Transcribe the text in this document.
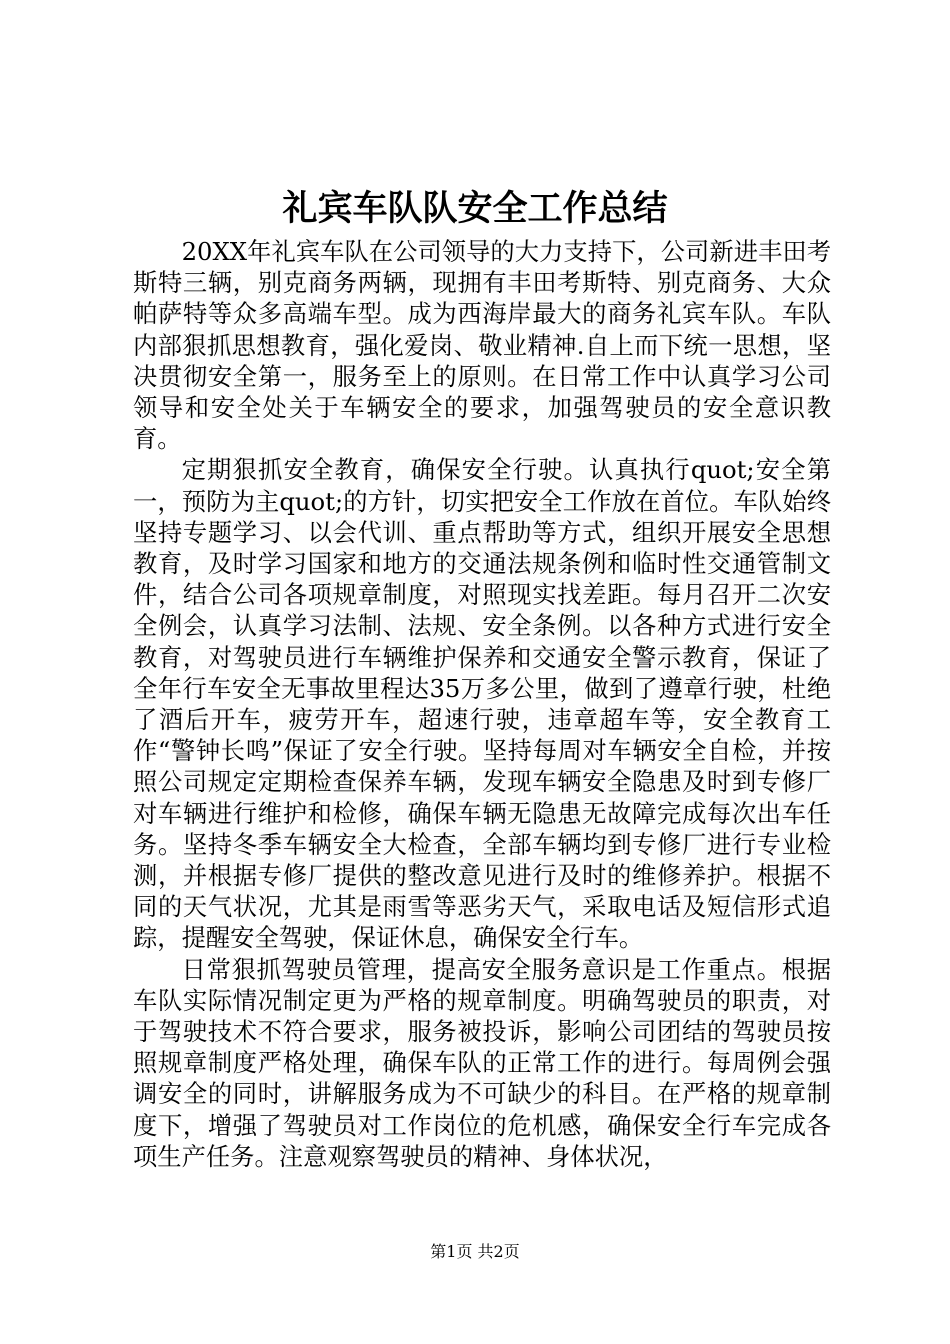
礼宾车队队安全工作总结

20XX年礼宾车队在公司领导的大力支持下，公司新进丰田考斯特三辆，别克商务两辆，现拥有丰田考斯特、别克商务、大众帕萨特等众多高端车型。成为西海岸最大的商务礼宾车队。车队内部狠抓思想教育，强化爱岗、敬业精神.自上而下统一思想，坚决贯彻安全第一，服务至上的原则。在日常工作中认真学习公司领导和安全处关于车辆安全的要求，加强驾驶员的安全意识教育。

定期狠抓安全教育，确保安全行驶。认真执行quot;安全第一，预防为主quot;的方针，切实把安全工作放在首位。车队始终坚持专题学习、以会代训、重点帮助等方式，组织开展安全思想教育，及时学习国家和地方的交通法规条例和临时性交通管制文件，结合公司各项规章制度，对照现实找差距。每月召开二次安全例会，认真学习法制、法规、安全条例。以各种方式进行安全教育，对驾驶员进行车辆维护保养和交通安全警示教育，保证了全年行车安全无事故里程达35万多公里，做到了遵章行驶，杜绝了酒后开车，疲劳开车，超速行驶，违章超车等，安全教育工作“警钟长鸣”保证了安全行驶。坚持每周对车辆安全自检，并按照公司规定定期检查保养车辆，发现车辆安全隐患及时到专修厂对车辆进行维护和检修，确保车辆无隐患无故障完成每次出车任务。坚持冬季车辆安全大检查，全部车辆均到专修厂进行专业检测，并根据专修厂提供的整改意见进行及时的维修养护。根据不同的天气状况，尤其是雨雪等恶劣天气，采取电话及短信形式追踪，提醒安全驾驶，保证休息，确保安全行车。

日常狠抓驾驶员管理，提高安全服务意识是工作重点。根据车队实际情况制定更为严格的规章制度。明确驾驶员的职责，对于驾驶技术不符合要求，服务被投诉，影响公司团结的驾驶员按照规章制度严格处理，确保车队的正常工作的进行。每周例会强调安全的同时，讲解服务成为不可缺少的科目。在严格的规章制度下，增强了驾驶员对工作岗位的危机感，确保安全行车完成各项生产任务。注意观察驾驶员的精神、身体状况，

第1页 共2页
